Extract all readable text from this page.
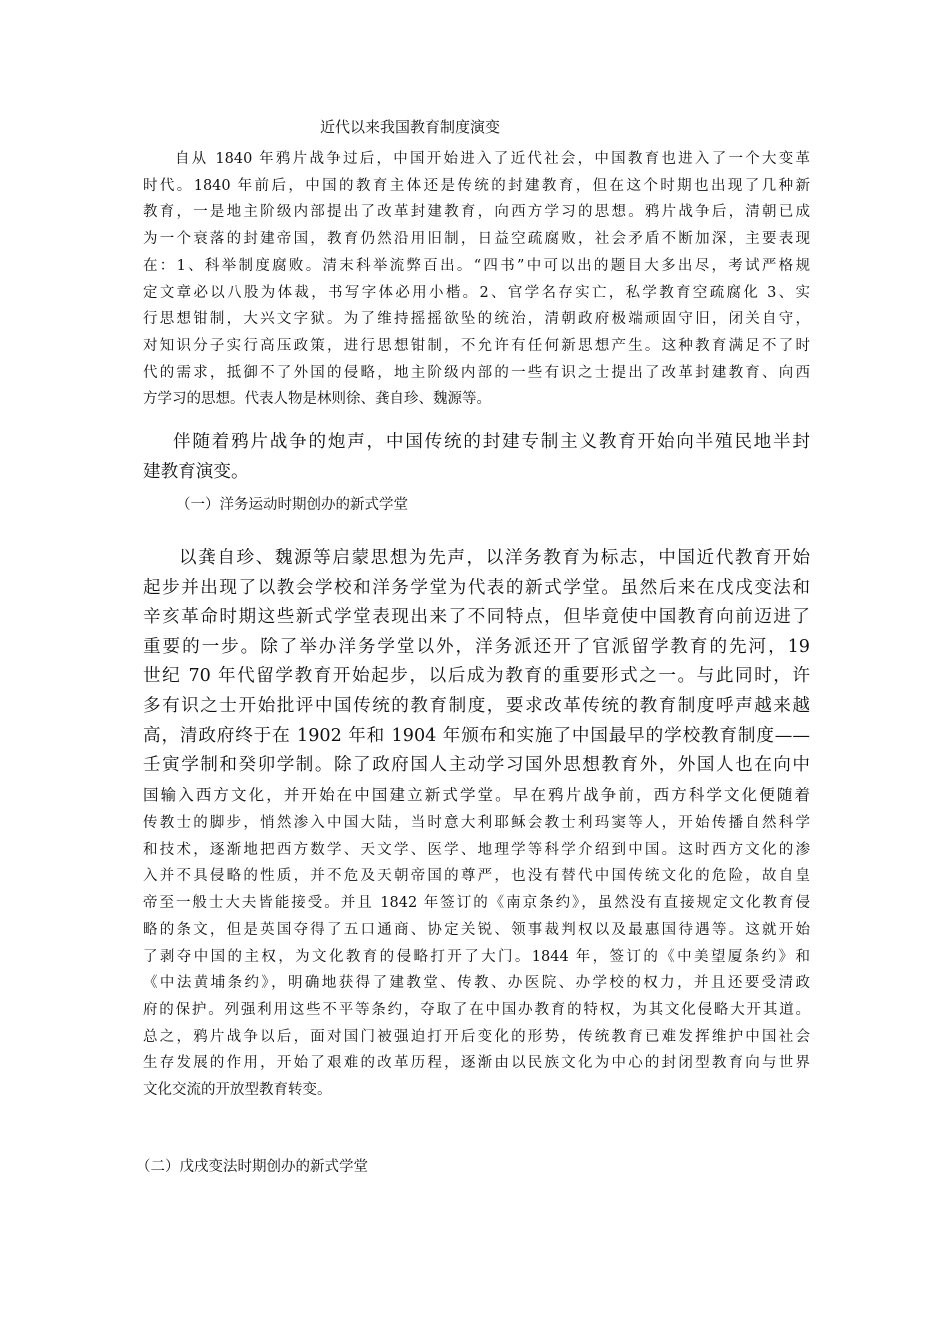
近代以来我国教育制度演变
自从 1840 年鸦片战争过后，中国开始进入了近代社会，中国教育也进入了一个大变革
时代。1840 年前后，中国的教育主体还是传统的封建教育，但在这个时期也出现了几种新
教育，一是地主阶级内部提出了改革封建教育，向西方学习的思想。鸦片战争后，清朝已成
为一个衰落的封建帝国，教育仍然沿用旧制，日益空疏腐败，社会矛盾不断加深，主要表现
在：1、科举制度腐败。清末科举流弊百出。“四书”中可以出的题目大多出尽，考试严格规
定文章必以八股为体裁，书写字体必用小楷。2、官学名存实亡，私学教育空疏腐化 3、实
行思想钳制，大兴文字狱。为了维持摇摇欲坠的统治，清朝政府极端顽固守旧，闭关自守，
对知识分子实行高压政策，进行思想钳制，不允许有任何新思想产生。这种教育满足不了时
代的需求，抵御不了外国的侵略，地主阶级内部的一些有识之士提出了改革封建教育、向西
方学习的思想。代表人物是林则徐、龚自珍、魏源等。
伴随着鸦片战争的炮声，中国传统的封建专制主义教育开始向半殖民地半封
建教育演变。
（一）洋务运动时期创办的新式学堂
以龚自珍、魏源等启蒙思想为先声，以洋务教育为标志，中国近代教育开始
起步并出现了以教会学校和洋务学堂为代表的新式学堂。虽然后来在戊戌变法和
辛亥革命时期这些新式学堂表现出来了不同特点，但毕竟使中国教育向前迈进了
重要的一步。除了举办洋务学堂以外，洋务派还开了官派留学教育的先河，19
世纪 70 年代留学教育开始起步，以后成为教育的重要形式之一。与此同时，许
多有识之士开始批评中国传统的教育制度，要求改革传统的教育制度呼声越来越
高，清政府终于在 1902 年和 1904 年颁布和实施了中国最早的学校教育制度——
壬寅学制和癸卯学制。除了政府国人主动学习国外思想教育外，外国人也在向中
国输入西方文化，并开始在中国建立新式学堂。早在鸦片战争前，西方科学文化便随着
传教士的脚步，悄然渗入中国大陆，当时意大利耶稣会教士利玛窦等人，开始传播自然科学
和技术，逐渐地把西方数学、天文学、医学、地理学等科学介绍到中国。这时西方文化的渗
入并不具侵略的性质，并不危及天朝帝国的尊严，也没有替代中国传统文化的危险，故自皇
帝至一般士大夫皆能接受。并且 1842 年签订的《南京条约》，虽然没有直接规定文化教育侵
略的条文，但是英国夺得了五口通商、协定关锐、领事裁判权以及最惠国待遇等。这就开始
了剥夺中国的主权，为文化教育的侵略打开了大门。1844 年，签订的《中美望厦条约》和
《中法黄埔条约》，明确地获得了建教堂、传教、办医院、办学校的权力，并且还要受清政
府的保护。列强利用这些不平等条约，夺取了在中国办教育的特权，为其文化侵略大开其道。
总之，鸦片战争以后，面对国门被强迫打开后变化的形势，传统教育已难发挥维护中国社会
生存发展的作用，开始了艰难的改革历程，逐渐由以民族文化为中心的封闭型教育向与世界
文化交流的开放型教育转变。
（二）戊戌变法时期创办的新式学堂
